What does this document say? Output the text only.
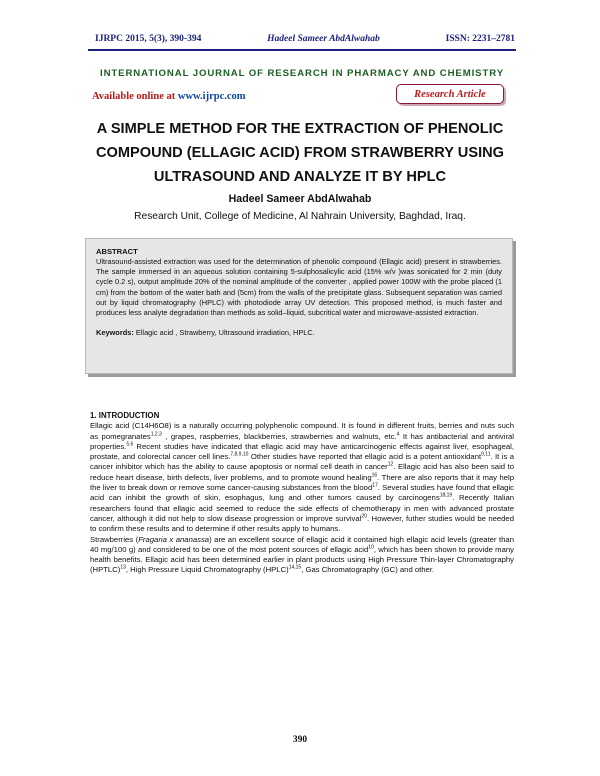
IJRPC 2015, 5(3), 390-394	Hadeel Sameer AbdAlwahab	ISSN: 2231–2781
INTERNATIONAL JOURNAL OF RESEARCH IN PHARMACY AND CHEMISTRY
Available online at www.ijrpc.com	Research Article
A SIMPLE METHOD FOR THE EXTRACTION OF PHENOLIC COMPOUND (ELLAGIC ACID) FROM STRAWBERRY USING ULTRASOUND AND ANALYZE IT BY HPLC
Hadeel Sameer AbdAlwahab
Research Unit, College of Medicine, Al Nahrain University, Baghdad, Iraq.
ABSTRACT
Ultrasound-assisted extraction was used for the determination of phenolic compound (Ellagic acid) present in strawberries. The sample immersed in an aqueous solution containing 5-sulphosalicylic acid (15% w/v )was sonicated for 2 min (duty cycle 0.2 s), output amplitude 20% of the nominal amplitude of the converter , applied power 100W with the probe placed (1 cm) from the bottom of the water bath and (5cm) from the walls of the precipitate glass. Subsequent separation was carried out by liquid chromatography (HPLC) with photodiode array UV detection. This proposed method, is much faster and produces less analyte degradation than methods as solid–liquid, subcritical water and microwave-assisted extraction.
Keywords: Ellagic acid , Strawberry, Ultrasound irradiation, HPLC.
1. INTRODUCTION

Ellagic acid (C14H6O8) is a naturally occurring polyphenolic compound. It is found in different fruits, berries and nuts such as pomegranates$^{1,2,3}$ , grapes, raspberries, blackberries, strawberries and walnuts, etc.$^4$ It has antibacterial and antiviral properties.$^{5,6}$ Recent studies have indicated that ellagic acid may have anticarcinogenic effects against liver, esophageal, prostate, and colorectal cancer cell lines.$^{7,8,9,10}$ Other studies have reported that ellagic acid is a potent antioxidant$^{9,11}$. It is a cancer inhibitor which has the ability to cause apoptosis or normal cell death in cancer$^{12}$. Ellagic acid has also been said to reduce heart disease, birth defects, liver problems, and to promote wound healing$^{16}$. There are also reports that it may help the liver to break down or remove some cancer-causing substances from the blood$^{17}$. Several studies have found that ellagic acid can inhibit the growth of skin, esophagus, lung and other tumors caused by carcinogens$^{18,19}$. Recently Italian researchers found that ellagic acid seemed to reduce the side effects of chemotherapy in men with advanced prostate cancer, although it did not help to slow disease progression or improve survival$^{20}$. However, futher studies would be needed to confirm these results and to determine if other results apply to humans.

Strawberries (Fragaria x ananassa) are an excellent source of ellagic acid it contained high ellagic acid levels (greater than 40 mg/100 g) and considered to be one of the most potent sources of ellagic acid$^{10}$, which has been shown to provide many health benefits. Ellagic acid has been determined earlier in plant products using High Pressure Thin-layer Chromatography (HPTLC)$^{13}$, High Pressure Liquid Chromatography (HPLC)$^{14,15}$, Gas Chromatography (GC) and other.

390
